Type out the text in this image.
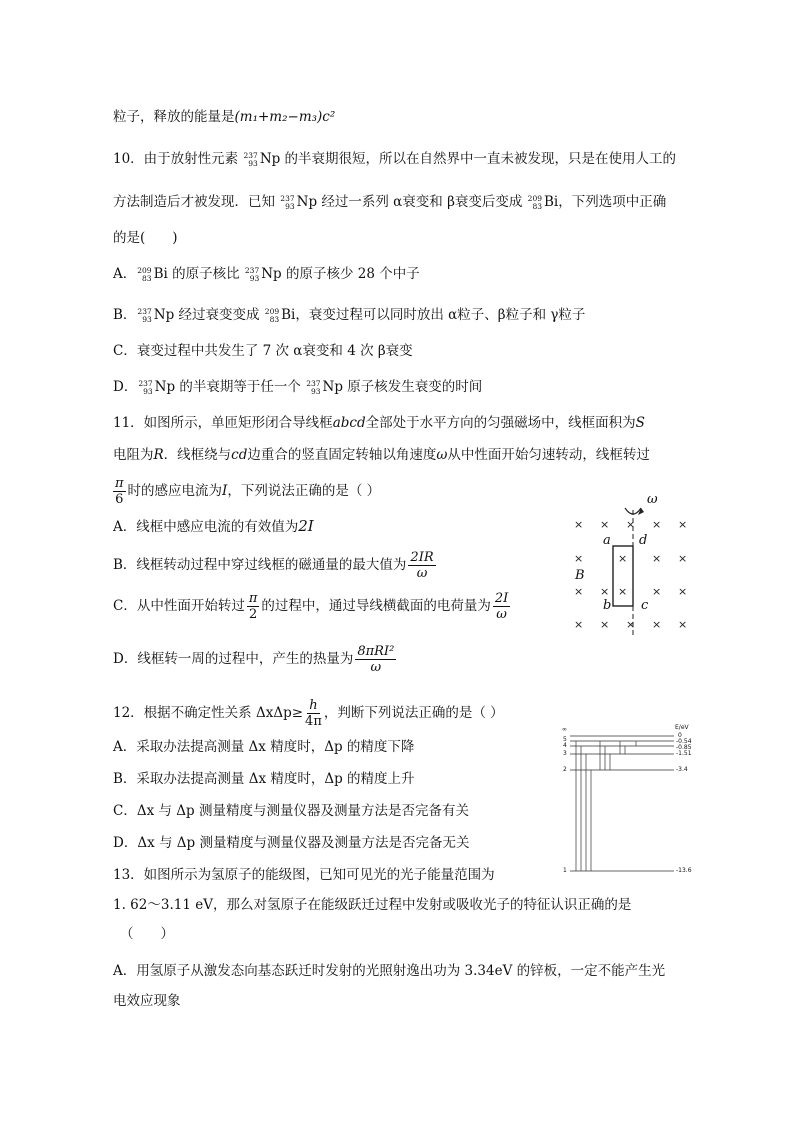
粒子，释放的能量是(m₁+m₂−m₃)c²
10．由于放射性元素 237
93 Np 的半衰期很短，所以在自然界中一直未被发现，只是在使用人工的
方法制造后才被发现．已知 237
93 Np 经过一系列 α衰变和 β衰变后变成 209
83 Bi，下列选项中正确
的是(　　)
A． 209
83 Bi 的原子核比 237
93 Np 的原子核少 28 个中子
B． 237
93 Np 经过衰变变成 209
83 Bi，衰变过程可以同时放出 α粒子、β粒子和 γ粒子
C．衰变过程中共发生了 7 次 α衰变和 4 次 β衰变
D． 237
93 Np 的半衰期等于任一个 237
93 Np 原子核发生衰变的时间
11．如图所示，单匝矩形闭合导线框abcd全部处于水平方向的匀强磁场中，线框面积为S
电阻为R．线框绕与cd边重合的竖直固定转轴以角速度ω从中性面开始匀速转动，线框转过
$\frac{\pi}{6}$ 时的感应电流为I，下列说法正确的是（ ）
A．线框中感应电流的有效值为2I
B．线框转动过程中穿过线框的磁通量的最大值为 $\frac{2IR}{\omega}$
C．从中性面开始转过 $\frac{\pi}{2}$ 的过程中，通过导线横截面的电荷量为 $\frac{2I}{\omega}$
D．线框转一周的过程中，产生的热量为 $\frac{\text{8πRI²}}{\omega}$
ω
a d
b c
B
× × × × ×
×	× × ×
× × × × ×
× × × × ×
12．根据不确定性关系 $\Delta x\Delta p\ge \frac{h}{4\pi}$ ，判断下列说法正确的是（ ）
A．采取办法提高测量 Δx 精度时，Δp 的精度下降
B．采取办法提高测量 Δx 精度时，Δp 的精度上升
C．Δx 与 Δp 测量精度与测量仪器及测量方法是否完备有关
D．Δx 与 Δp 测量精度与测量仪器及测量方法是否完备无关
13．如图所示为氢原子的能级图，已知可见光的光子能量范围为
1. 62～3.11 eV，那么对氢原子在能级跃迁过程中发射或吸收光子的特征认识正确的是
（　　）
A．用氢原子从激发态向基态跃迁时发射的光照射逸出功为 3.34eV 的锌板，一定不能产生光
电效应现象
∞
5
4
3
2
1
E/eV
0
-0.54
-0.85
-1.51
-3.4
-13.6
